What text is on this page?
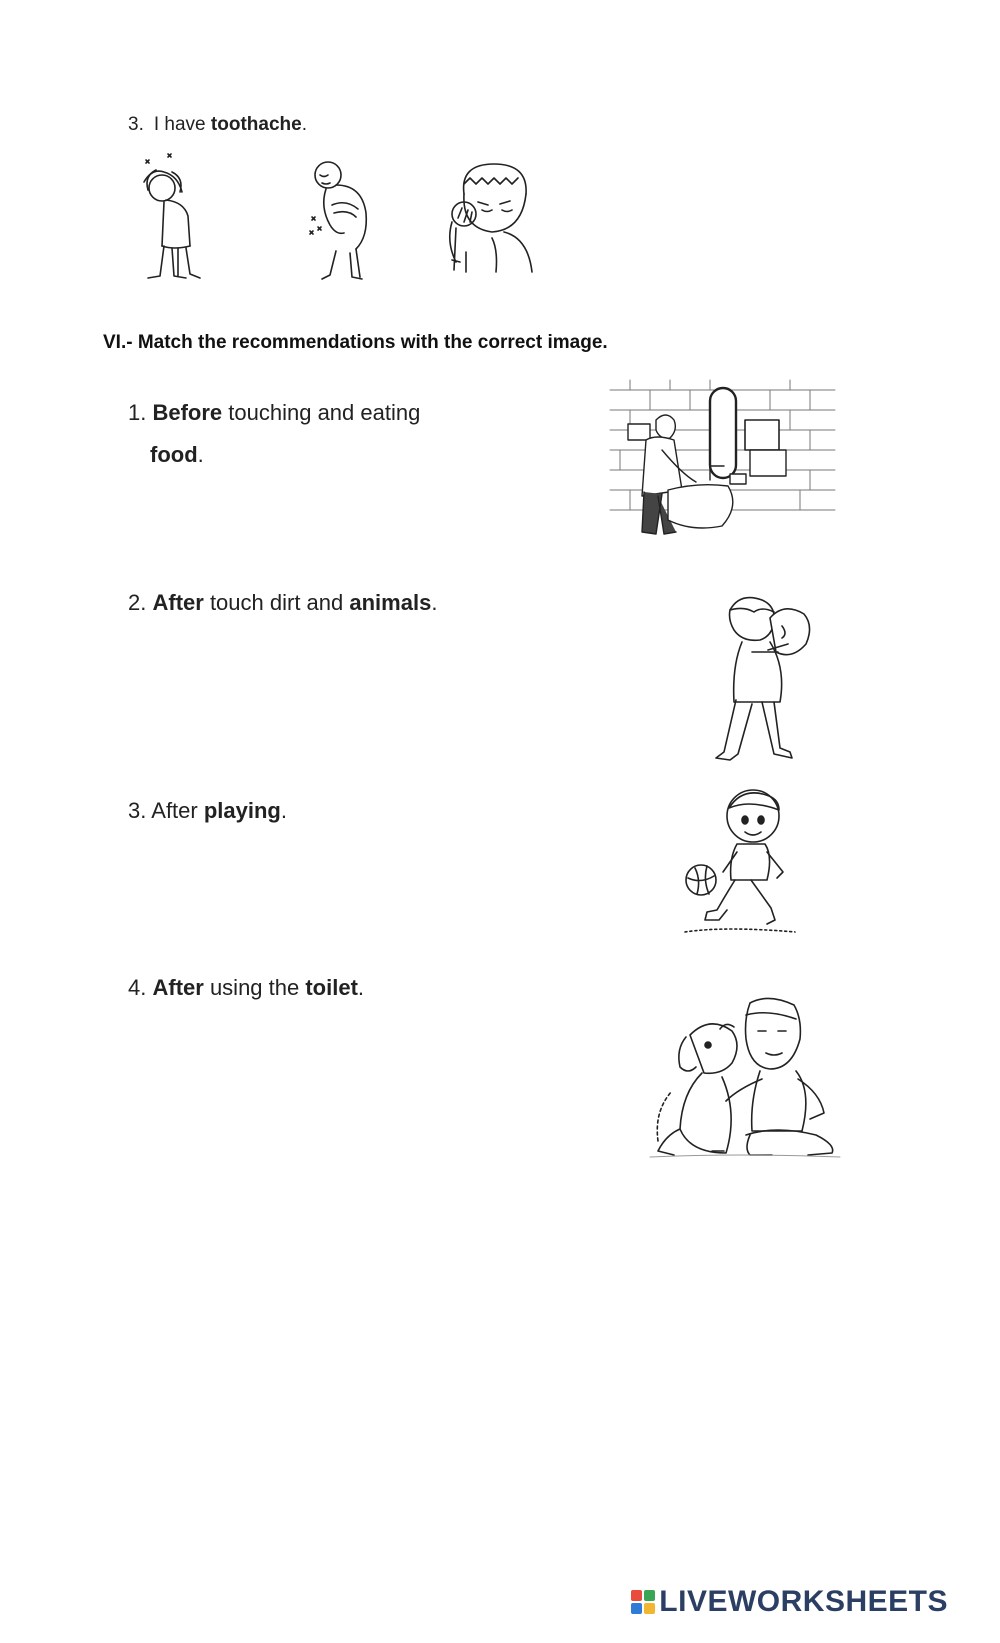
3. I have toothache.
VI.- Match the recommendations with the correct image.
1. Before touching and eating
food.
2. After touch dirt and animals.
3. After playing.
4. After using the toilet.
LIVEWORKSHEETS
